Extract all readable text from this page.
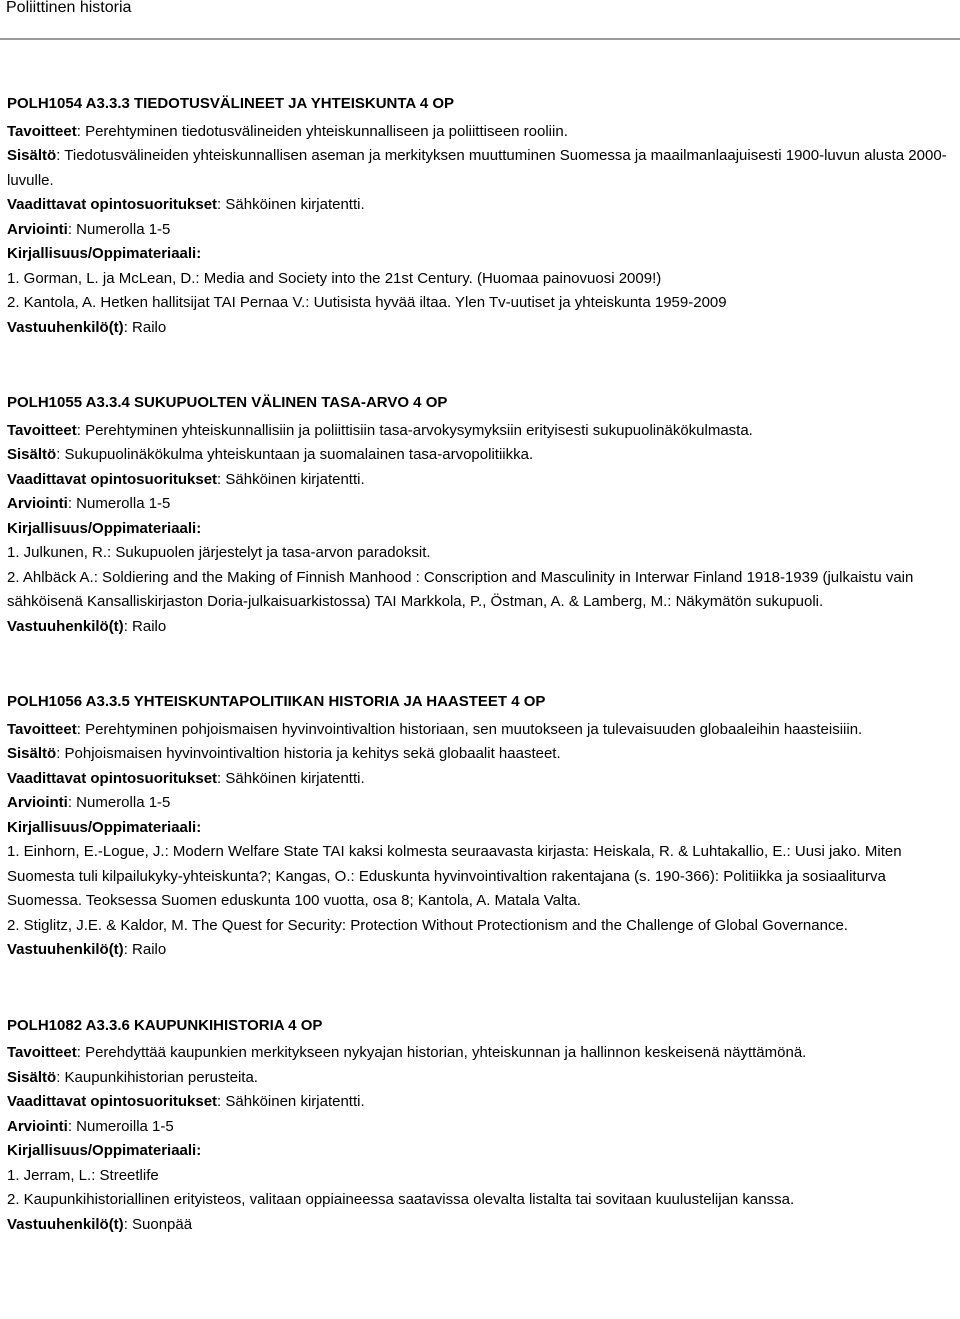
Poliittinen historia
POLH1054 A3.3.3 TIEDOTUSVÄLINEET JA YHTEISKUNTA 4 OP
Tavoitteet: Perehtyminen tiedotusvälineiden yhteiskunnalliseen ja poliittiseen rooliin.
Sisältö: Tiedotusvälineiden yhteiskunnallisen aseman ja merkityksen muuttuminen Suomessa ja maailmanlaajuisesti 1900-luvun alusta 2000-luvulle.
Vaadittavat opintosuoritukset: Sähköinen kirjatentti.
Arviointi: Numerolla 1-5
Kirjallisuus/Oppimateriaali:
1. Gorman, L. ja McLean, D.: Media and Society into the 21st Century. (Huomaa painovuosi 2009!)
2. Kantola, A. Hetken hallitsijat TAI Pernaa V.: Uutisista hyvää iltaa. Ylen Tv-uutiset ja yhteiskunta 1959-2009
Vastuuhenkilö(t): Railo
POLH1055 A3.3.4 SUKUPUOLTEN VÄLINEN TASA-ARVO 4 OP
Tavoitteet: Perehtyminen yhteiskunnallisiin ja poliittisiin tasa-arvokysymyksiin erityisesti sukupuolinäkökulmasta.
Sisältö: Sukupuolinäkökulma yhteiskuntaan ja suomalainen tasa-arvopolitiikka.
Vaadittavat opintosuoritukset: Sähköinen kirjatentti.
Arviointi: Numerolla 1-5
Kirjallisuus/Oppimateriaali:
1. Julkunen, R.: Sukupuolen järjestelyt ja tasa-arvon paradoksit.
2. Ahlbäck A.: Soldiering and the Making of Finnish Manhood : Conscription and Masculinity in Interwar Finland 1918-1939 (julkaistu vain sähköisenä Kansalliskirjaston Doria-julkaisuarkistossa) TAI Markkola, P., Östman, A. & Lamberg, M.: Näkymätön sukupuoli.
Vastuuhenkilö(t): Railo
POLH1056 A3.3.5 YHTEISKUNTAPOLITIIKAN HISTORIA JA HAASTEET 4 OP
Tavoitteet: Perehtyminen pohjoismaisen hyvinvointivaltion historiaan, sen muutokseen ja tulevaisuuden globaaleihin haasteisiiin.
Sisältö: Pohjoismaisen hyvinvointivaltion historia ja kehitys sekä globaalit haasteet.
Vaadittavat opintosuoritukset: Sähköinen kirjatentti.
Arviointi: Numerolla 1-5
Kirjallisuus/Oppimateriaali:
1. Einhorn, E.-Logue, J.: Modern Welfare State TAI kaksi kolmesta seuraavasta kirjasta: Heiskala, R. & Luhtakallio, E.: Uusi jako. Miten Suomesta tuli kilpailukyky-yhteiskunta?; Kangas, O.: Eduskunta hyvinvointivaltion rakentajana (s. 190-366): Politiikka ja sosiaaliturva Suomessa. Teoksessa Suomen eduskunta 100 vuotta, osa 8; Kantola, A. Matala Valta.
2. Stiglitz, J.E. & Kaldor, M. The Quest for Security: Protection Without Protectionism and the Challenge of Global Governance.
Vastuuhenkilö(t): Railo
POLH1082 A3.3.6 KAUPUNKIHISTORIA 4 OP
Tavoitteet: Perehdyttää kaupunkien merkitykseen nykyajan historian, yhteiskunnan ja hallinnon keskeisenä näyttämönä.
Sisältö: Kaupunkihistorian perusteita.
Vaadittavat opintosuoritukset: Sähköinen kirjatentti.
Arviointi: Numeroilla 1-5
Kirjallisuus/Oppimateriaali:
1. Jerram, L.: Streetlife
2. Kaupunkihistoriallinen erityisteos, valitaan oppiaineessa saatavissa olevalta listalta tai sovitaan kuulustelijan kanssa.
Vastuuhenkilö(t): Suonpää
